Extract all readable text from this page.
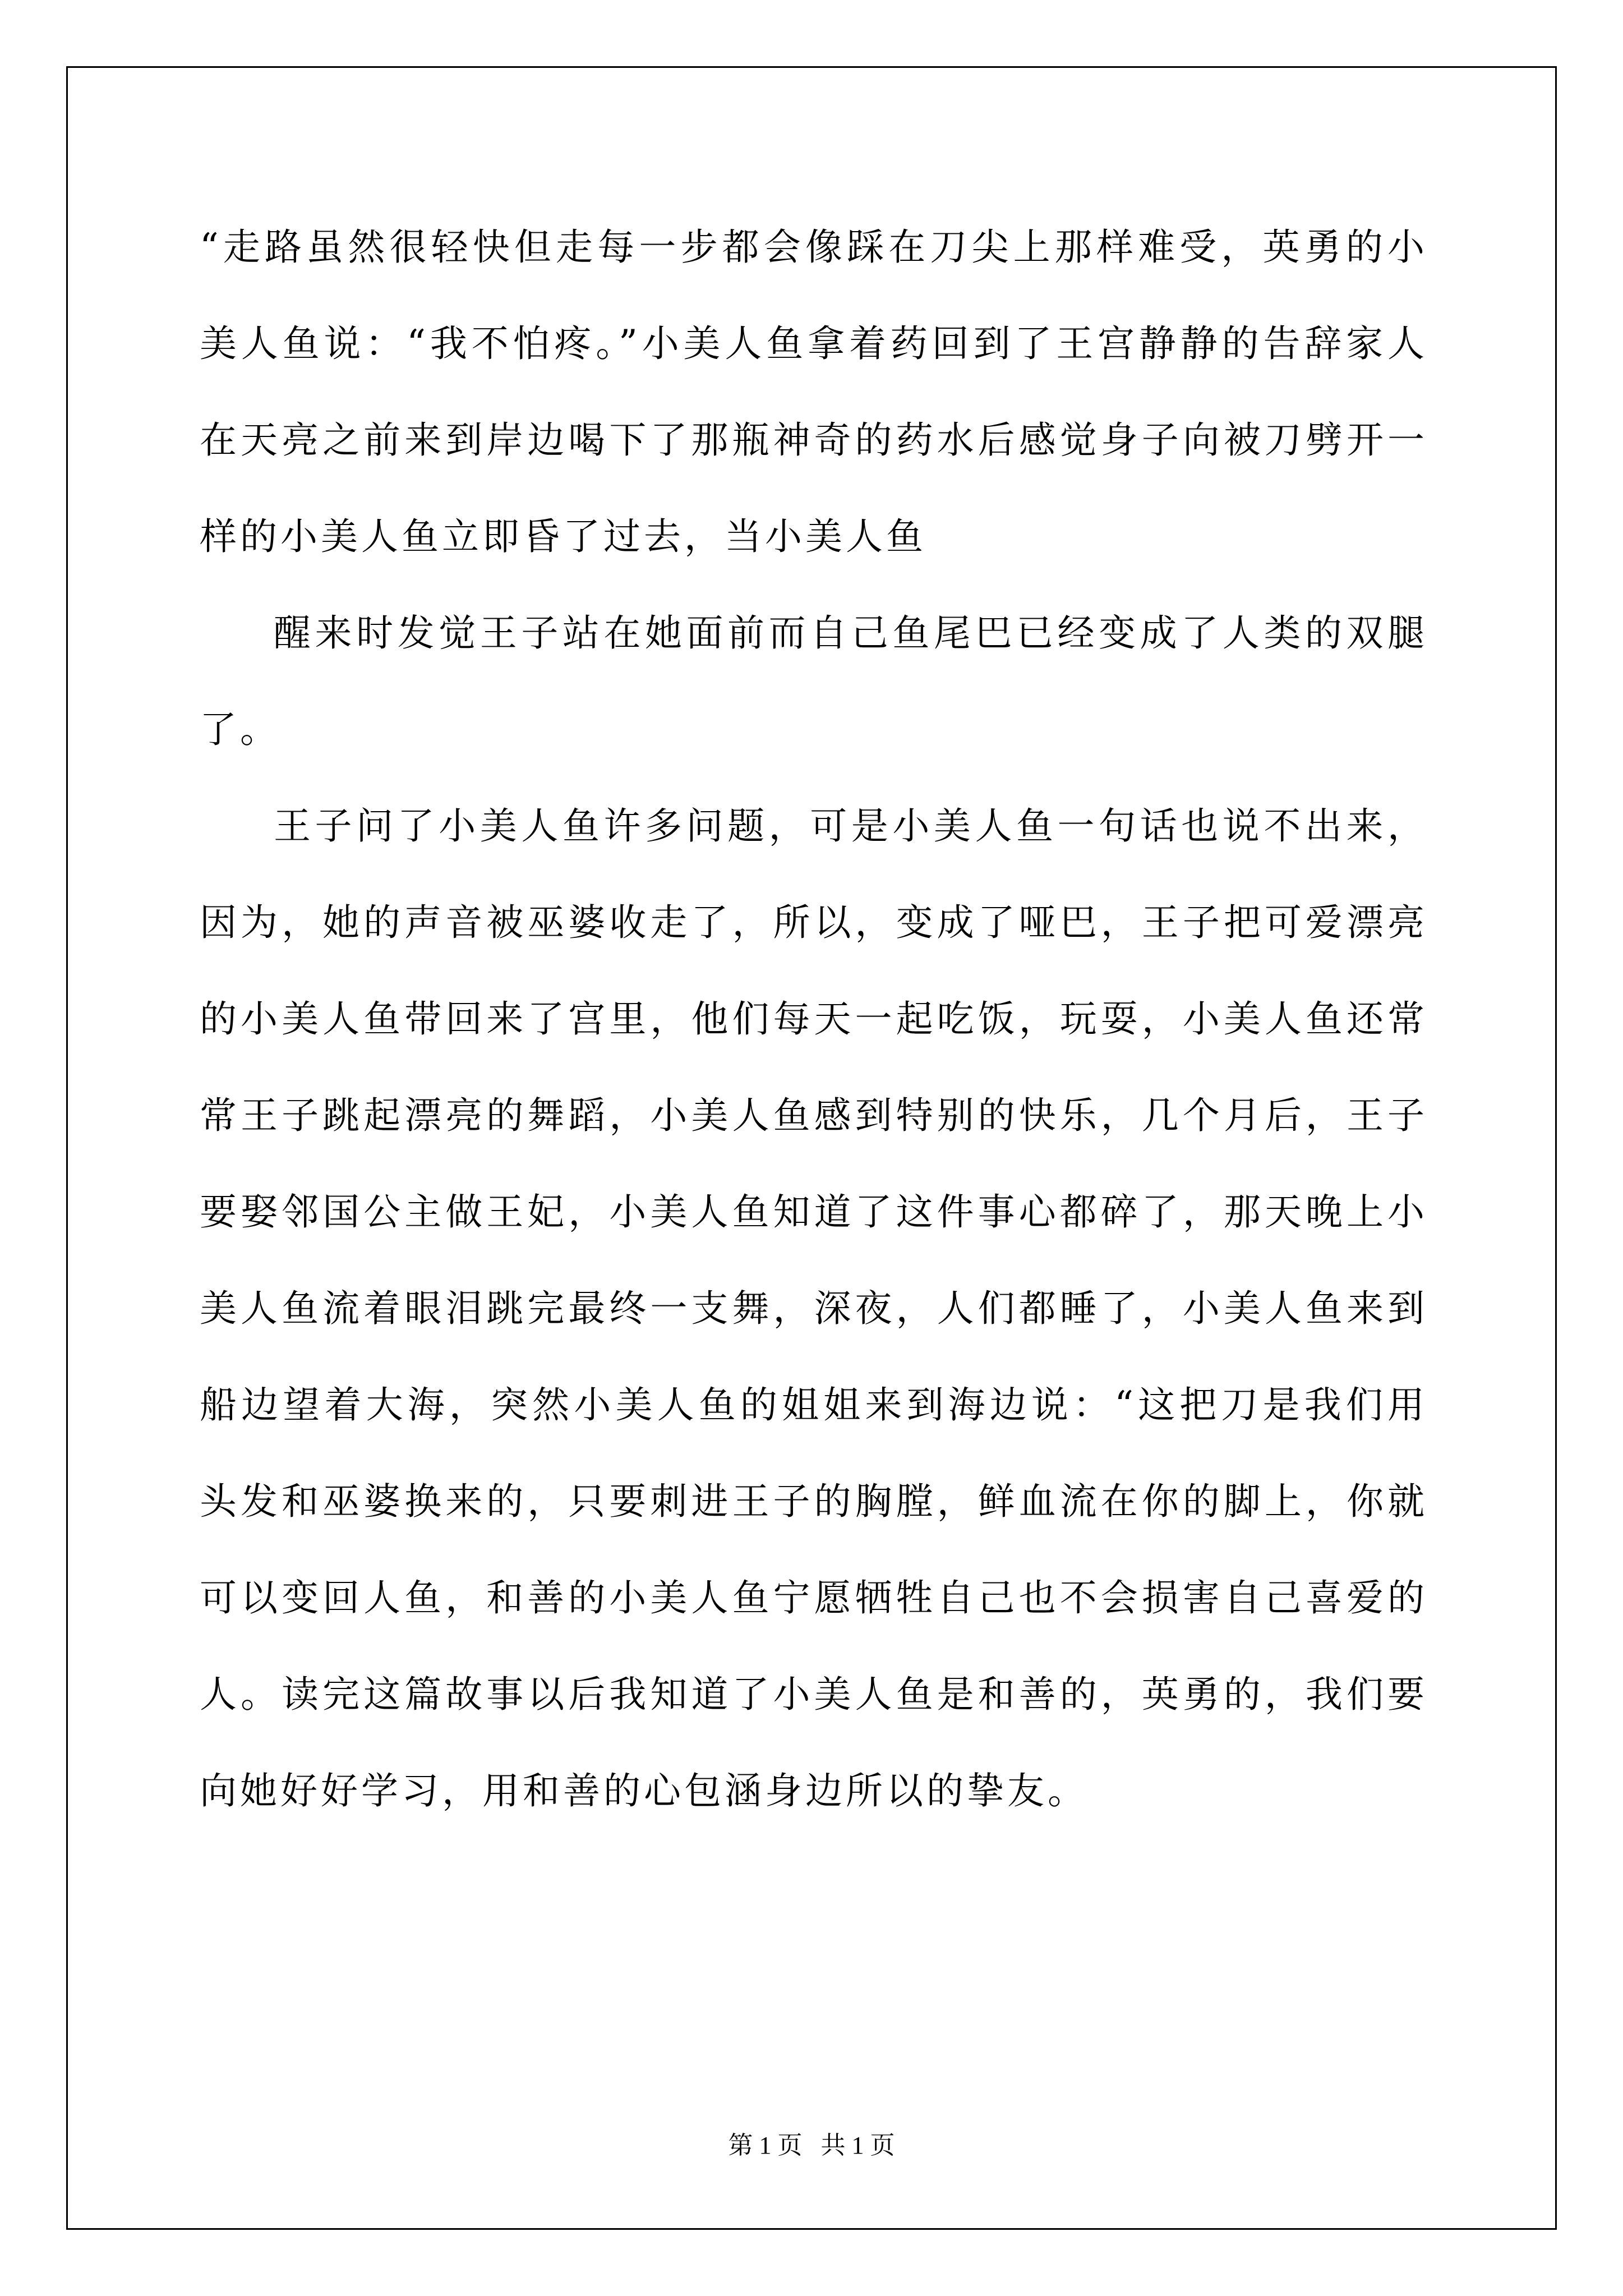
“走路虽然很轻快但走每一步都会像踩在刀尖上那样难受，英勇的小美人鱼说：“我不怕疼。”小美人鱼拿着药回到了王宫静静的告辞家人在天亮之前来到岸边喝下了那瓶神奇的药水后感觉身子向被刀劈开一样的小美人鱼立即昏了过去，当小美人鱼

醒来时发觉王子站在她面前而自己鱼尾巴已经变成了人类的双腿了。

王子问了小美人鱼许多问题，可是小美人鱼一句话也说不出来，因为，她的声音被巫婆收走了，所以，变成了哑巴，王子把可爱漂亮的小美人鱼带回来了宫里，他们每天一起吃饭，玩耍，小美人鱼还常常王子跳起漂亮的舞蹈，小美人鱼感到特别的快乐，几个月后，王子要娶邻国公主做王妃，小美人鱼知道了这件事心都碎了，那天晚上小美人鱼流着眼泪跳完最终一支舞，深夜，人们都睡了，小美人鱼来到船边望着大海，突然小美人鱼的姐姐来到海边说：“这把刀是我们用头发和巫婆换来的，只要刺进王子的胸膛，鲜血流在你的脚上，你就可以变回人鱼，和善的小美人鱼宁愿牺牲自己也不会损害自己喜爱的人。读完这篇故事以后我知道了小美人鱼是和善的，英勇的，我们要向她好好学习，用和善的心包涵身边所以的挚友。

第 1 页   共 1 页
